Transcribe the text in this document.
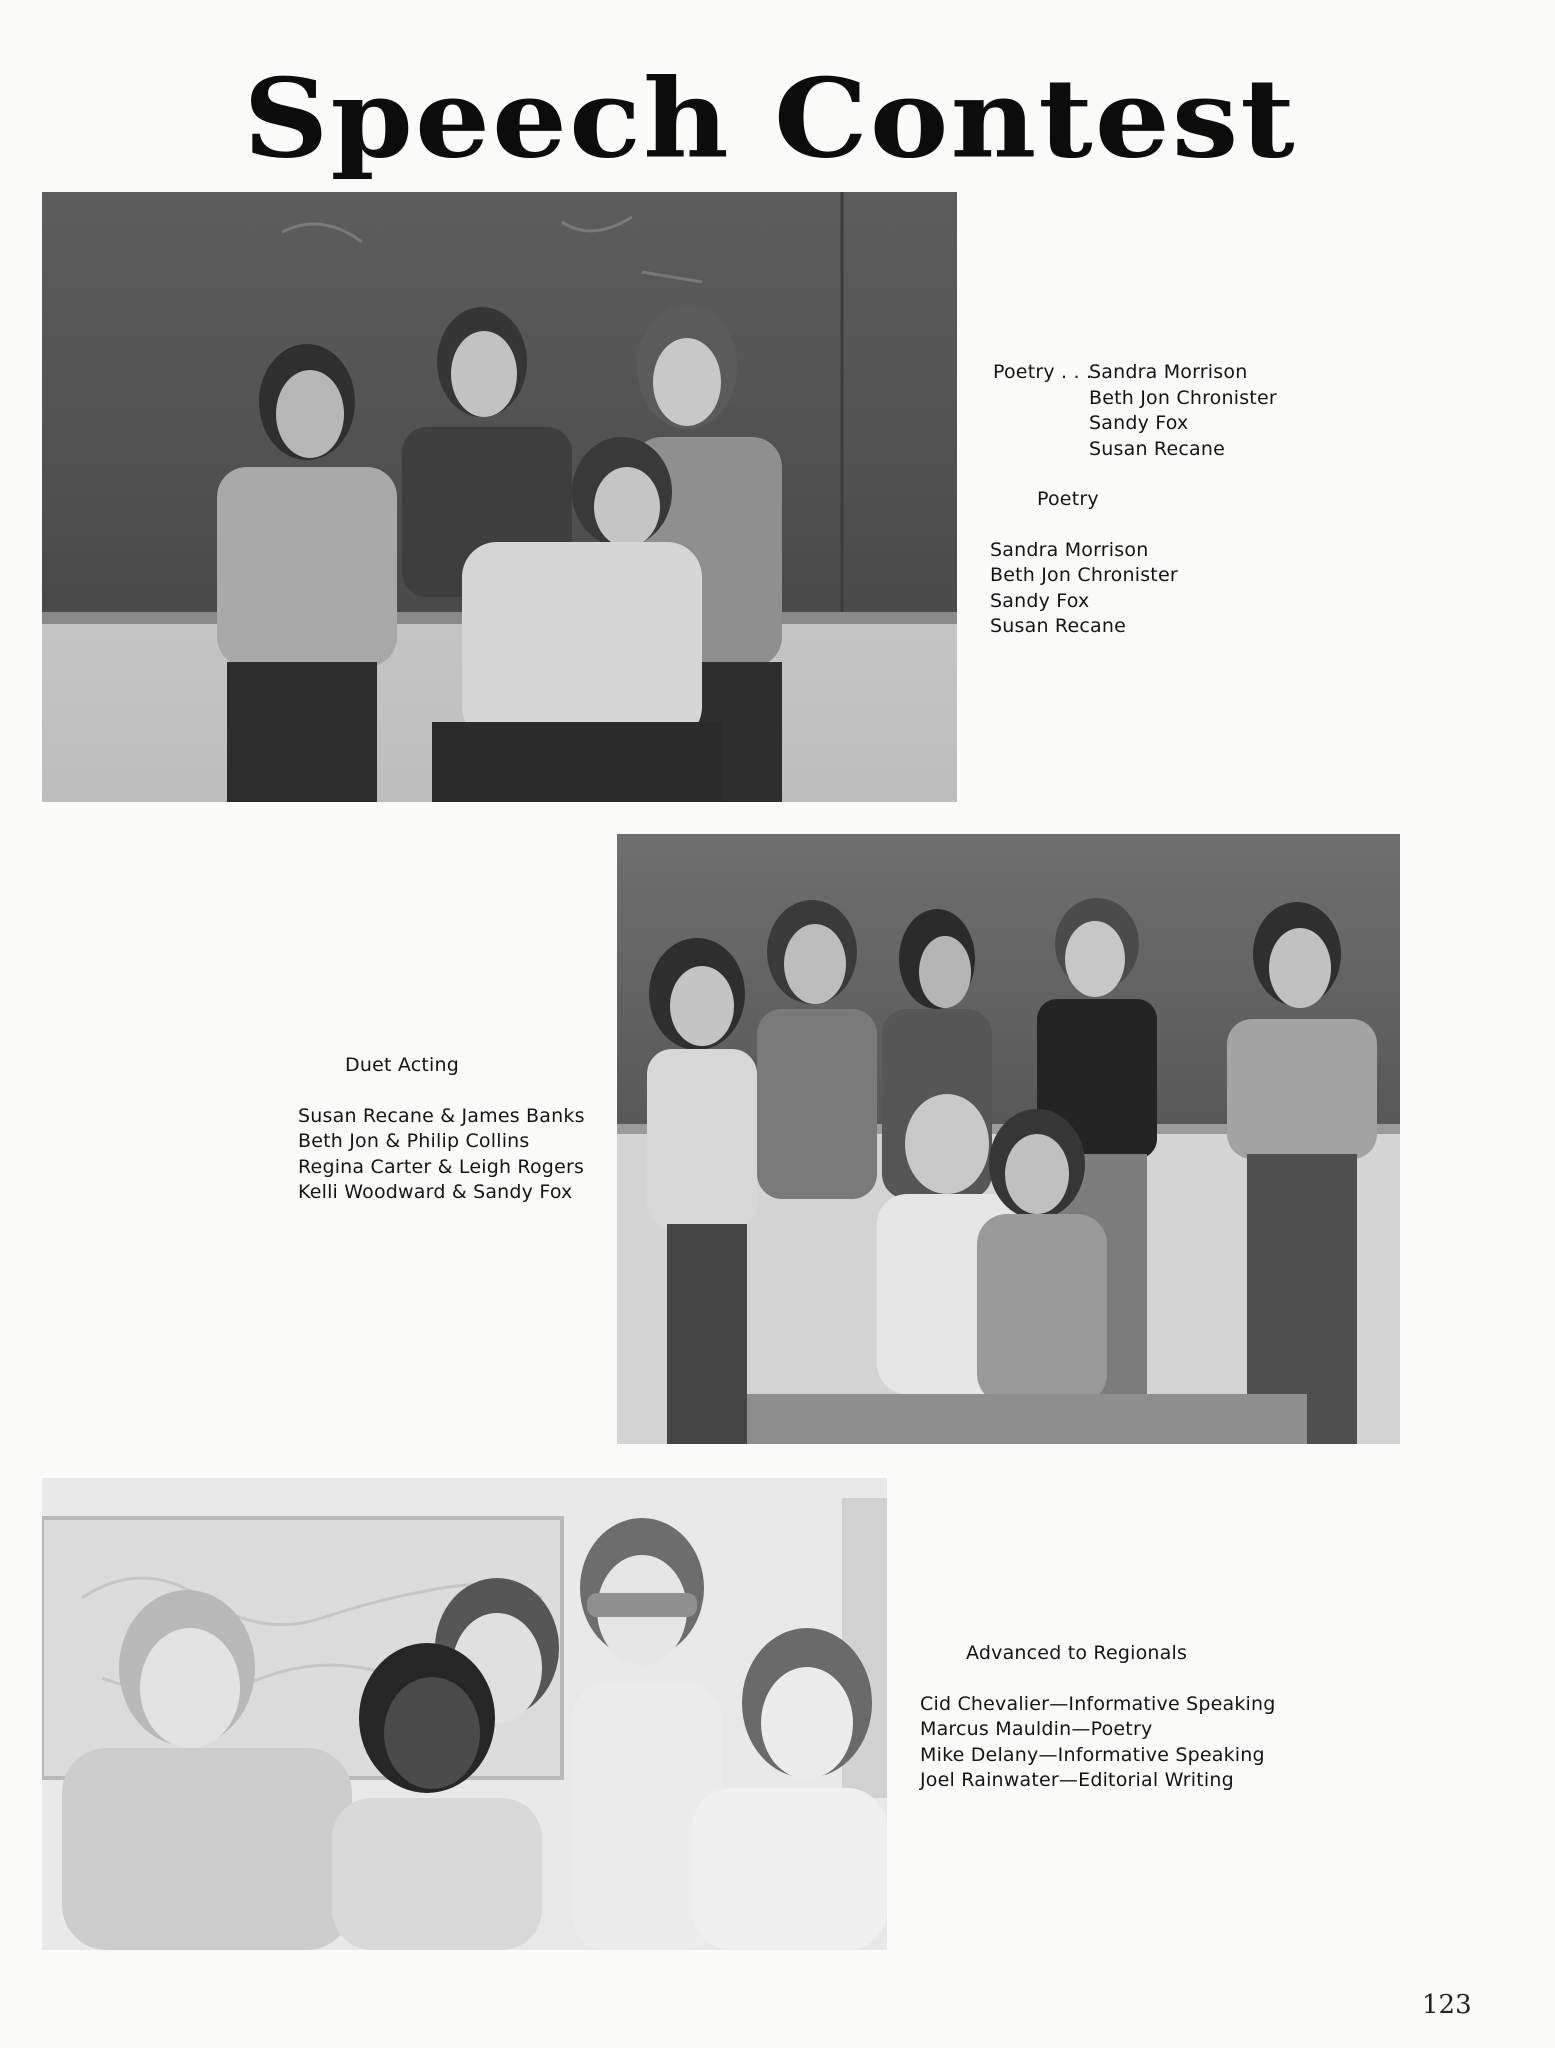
Speech Contest
Poetry . . .Sandra Morrison
Beth Jon Chronister
Sandy Fox
Susan Recane
Poetry
Sandra Morrison
Beth Jon Chronister
Sandy Fox
Susan Recane
Duet Acting
Susan Recane & James Banks
Beth Jon & Philip Collins
Regina Carter & Leigh Rogers
Kelli Woodward & Sandy Fox
Advanced to Regionals
Cid Chevalier—Informative Speaking
Marcus Mauldin—Poetry
Mike Delany—Informative Speaking
Joel Rainwater—Editorial Writing
123
